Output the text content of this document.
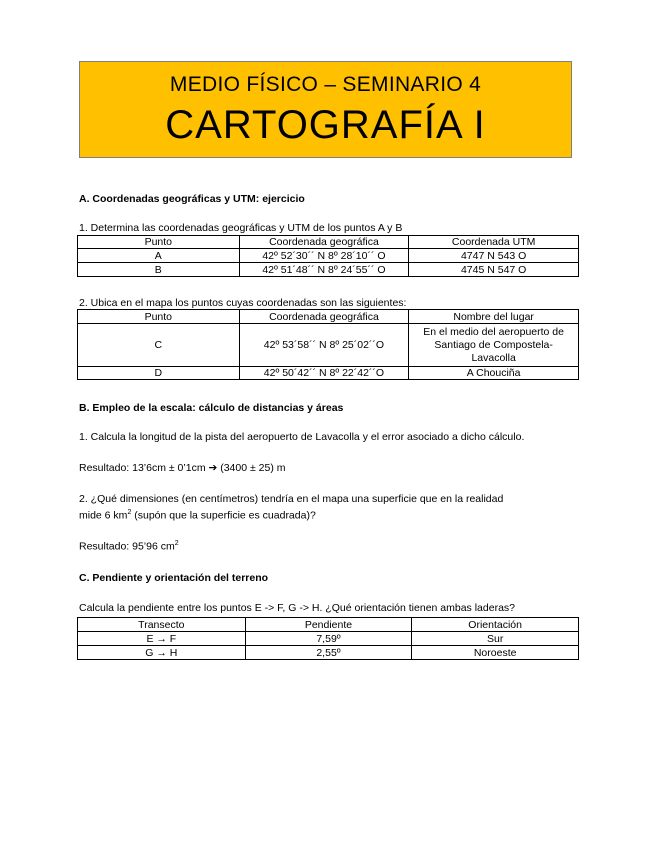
MEDIO FÍSICO – SEMINARIO 4
CARTOGRAFÍA I
A. Coordenadas geográficas y UTM: ejercicio
1. Determina las coordenadas geográficas y UTM de los puntos A y B
Punto	Coordenada geográfica	Coordenada UTM
A	42º 52´30´´ N 8º 28´10´´ O	4747 N 543 O
B	42º 51´48´´ N 8º 24´55´´ O	4745 N 547 O
2. Ubica en el mapa los puntos cuyas coordenadas son las siguientes:
Punto	Coordenada geográfica	Nombre del lugar
C	42º 53´58´´ N 8º 25´02´´O	En el medio del aeropuerto de Santiago de Compostela-Lavacolla
D	42º 50´42´´ N 8º 22´42´´O	A Chouciña
B. Empleo de la escala: cálculo de distancias y áreas
1. Calcula la longitud de la pista del aeropuerto de Lavacolla y el error asociado a dicho cálculo.
Resultado: 13’6cm ± 0’1cm ➔ (3400 ± 25) m
2. ¿Qué dimensiones (en centímetros) tendría en el mapa una superficie que en la realidad
mide 6 $km^2$ (supón que la superficie es cuadrada)?
Resultado: 95’96 $cm^2$
C. Pendiente y orientación del terreno
Calcula la pendiente entre los puntos E -> F, G -> H. ¿Qué orientación tienen ambas laderas?
Transecto	Pendiente	Orientación
E → F	7,59º	Sur
G → H	2,55º	Noroeste
